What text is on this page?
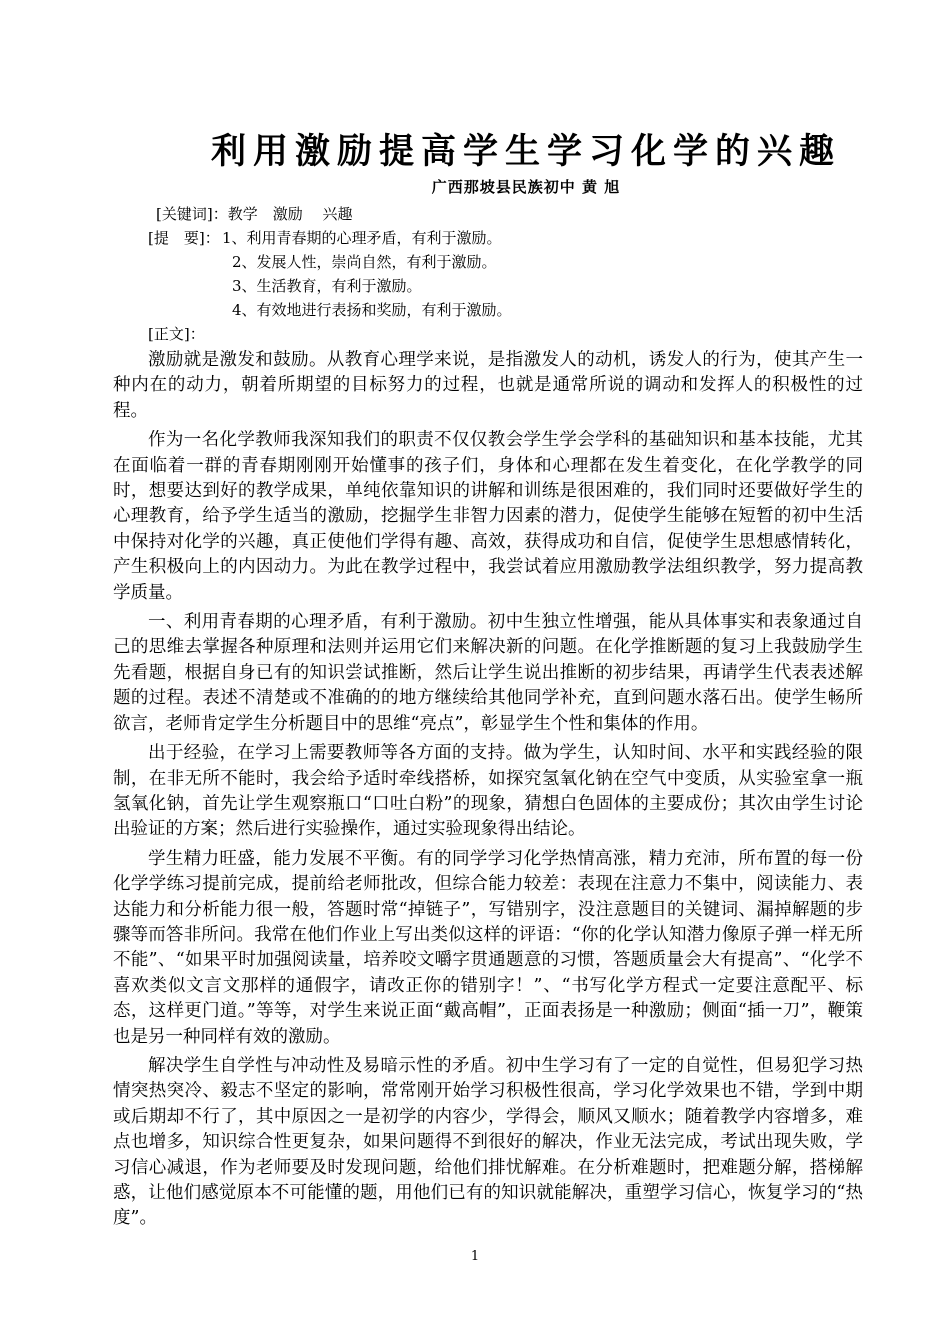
利用激励提高学生学习化学的兴趣
广西那坡县民族初中 黄 旭
[关键词]：教学　激励　 兴趣
[提　要]： 1、利用青春期的心理矛盾，有利于激励。
2、发展人性，崇尚自然，有利于激励。
3、生活教育，有利于激励。
4、有效地进行表扬和奖励，有利于激励。
[正文]：

激励就是激发和鼓励。从教育心理学来说，是指激发人的动机，诱发人的行为，使其产生一种内在的动力，朝着所期望的目标努力的过程，也就是通常所说的调动和发挥人的积极性的过程。

作为一名化学教师我深知我们的职责不仅仅教会学生学会学科的基础知识和基本技能，尤其在面临着一群的青春期刚刚开始懂事的孩子们，身体和心理都在发生着变化，在化学教学的同时，想要达到好的教学成果，单纯依靠知识的讲解和训练是很困难的，我们同时还要做好学生的心理教育，给予学生适当的激励，挖掘学生非智力因素的潜力，促使学生能够在短暂的初中生活中保持对化学的兴趣，真正使他们学得有趣、高效，获得成功和自信，促使学生思想感情转化，产生积极向上的内因动力。为此在教学过程中，我尝试着应用激励教学法组织教学，努力提高教学质量。

一、利用青春期的心理矛盾，有利于激励。初中生独立性增强，能从具体事实和表象通过自己的思维去掌握各种原理和法则并运用它们来解决新的问题。在化学推断题的复习上我鼓励学生先看题，根据自身已有的知识尝试推断，然后让学生说出推断的初步结果，再请学生代表表述解题的过程。表述不清楚或不准确的的地方继续给其他同学补充，直到问题水落石出。使学生畅所欲言，老师肯定学生分析题目中的思维“亮点”，彰显学生个性和集体的作用。

出于经验，在学习上需要教师等各方面的支持。做为学生，认知时间、水平和实践经验的限制，在非无所不能时，我会给予适时牵线搭桥，如探究氢氧化钠在空气中变质，从实验室拿一瓶氢氧化钠，首先让学生观察瓶口“口吐白粉”的现象，猜想白色固体的主要成份；其次由学生讨论出验证的方案；然后进行实验操作，通过实验现象得出结论。

学生精力旺盛，能力发展不平衡。有的同学学习化学热情高涨，精力充沛，所布置的每一份化学学练习提前完成，提前给老师批改，但综合能力较差：表现在注意力不集中，阅读能力、表达能力和分析能力很一般，答题时常“掉链子”，写错别字，没注意题目的关键词、漏掉解题的步骤等而答非所问。我常在他们作业上写出类似这样的评语：“你的化学认知潜力像原子弹一样无所不能”、“如果平时加强阅读量，培养咬文嚼字贯通题意的习惯，答题质量会大有提高”、“化学不喜欢类似文言文那样的通假字，请改正你的错别字！”、“书写化学方程式一定要注意配平、标态，这样更门道。”等等，对学生来说正面“戴高帽”，正面表扬是一种激励；侧面“插一刀”，鞭策也是另一种同样有效的激励。

解决学生自学性与冲动性及易暗示性的矛盾。初中生学习有了一定的自觉性，但易犯学习热情突热突冷、毅志不坚定的影响，常常刚开始学习积极性很高，学习化学效果也不错，学到中期或后期却不行了，其中原因之一是初学的内容少，学得会，顺风又顺水；随着教学内容增多，难点也增多，知识综合性更复杂，如果问题得不到很好的解决，作业无法完成，考试出现失败，学习信心减退，作为老师要及时发现问题，给他们排忧解难。在分析难题时，把难题分解，搭梯解惑，让他们感觉原本不可能懂的题，用他们已有的知识就能解决，重塑学习信心，恢复学习的“热度”。

1
